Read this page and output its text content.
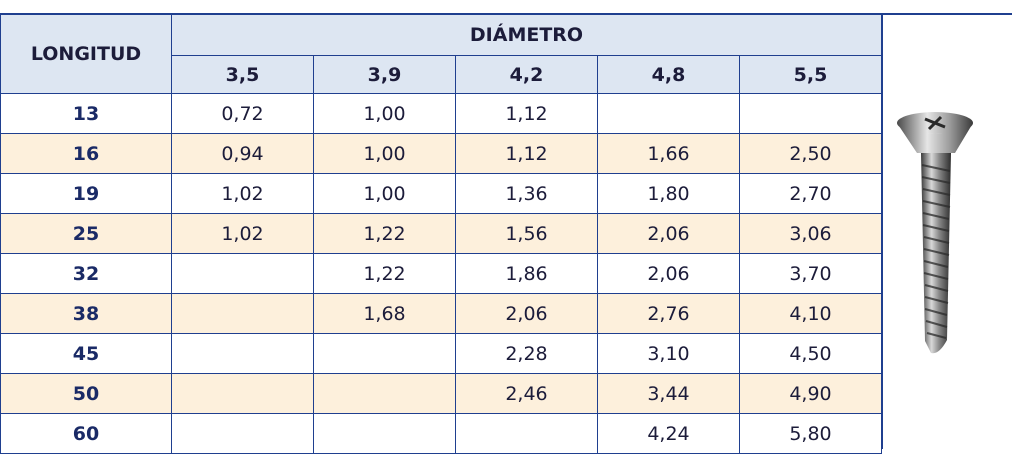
LONGITUD	DIÁMETRO				
	3,5	3,9	4,2	4,8	5,5
13	0,72	1,00	1,12		
16	0,94	1,00	1,12	1,66	2,50
19	1,02	1,00	1,36	1,80	2,70
25	1,02	1,22	1,56	2,06	3,06
32		1,22	1,86	2,06	3,70
38		1,68	2,06	2,76	4,10
45			2,28	3,10	4,50
50			2,46	3,44	4,90
60				4,24	5,80
